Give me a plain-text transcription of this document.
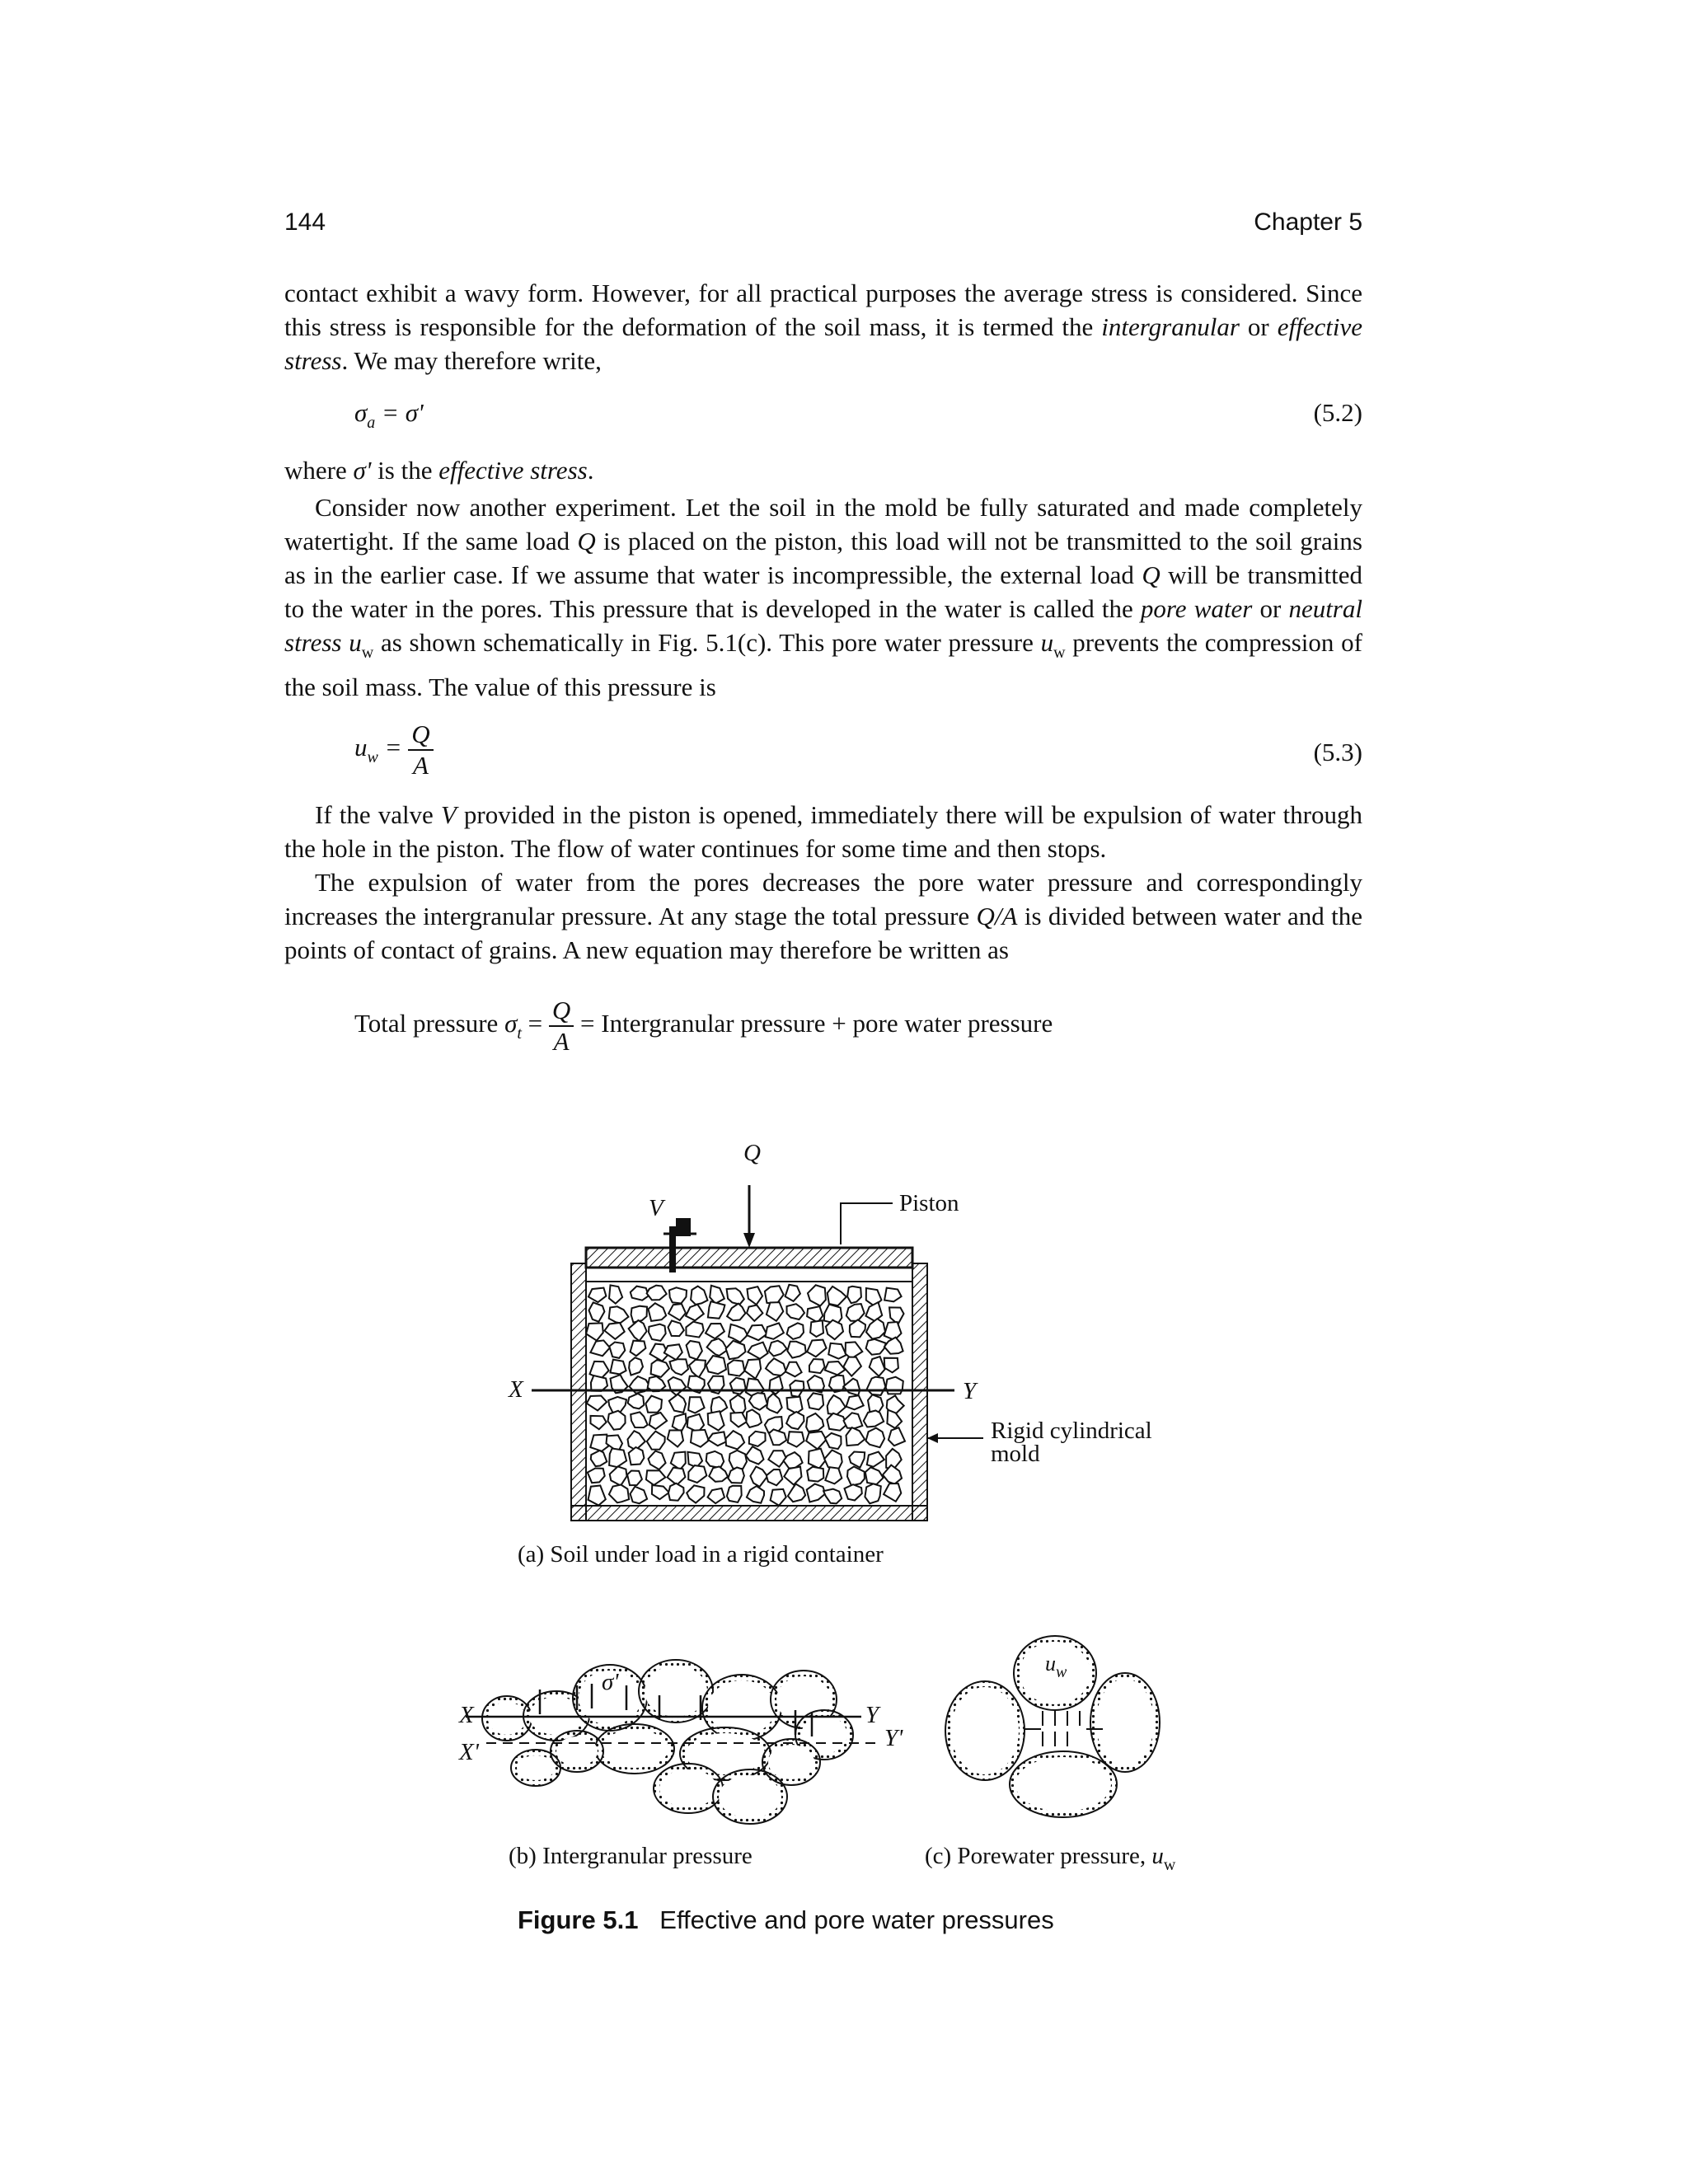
144	Chapter 5
contact exhibit a wavy form. However, for all practical purposes the average stress is considered. Since this stress is responsible for the deformation of the soil mass, it is termed the intergranular or effective stress. We may therefore write,
$\sigma_a = \sigma'$	(5.2)
where σ' is the effective stress.
Consider now another experiment. Let the soil in the mold be fully saturated and made completely watertight. If the same load Q is placed on the piston, this load will not be transmitted to the soil grains as in the earlier case. If we assume that water is incompressible, the external load Q will be transmitted to the water in the pores. This pressure that is developed in the water is called the pore water or neutral stress $u_w$ as shown schematically in Fig. 5.1(c). This pore water pressure $u_w$ prevents the compression of the soil mass. The value of this pressure is
$u_w = \frac{Q}{A}$	(5.3)
If the valve V provided in the piston is opened, immediately there will be expulsion of water through the hole in the piston. The flow of water continues for some time and then stops.
The expulsion of water from the pores decreases the pore water pressure and correspondingly increases the intergranular pressure. At any stage the total pressure Q/A is divided between water and the points of contact of grains. A new equation may therefore be written as
Total pressure $\sigma_t = \frac{Q}{A}$ = Intergranular pressure + pore water pressure
Q
V	Piston
X	Y
Rigid cylindrical
mold
(a) Soil under load in a rigid container
X
X'
Y
Y'
σ'
$u_w$
(b) Intergranular pressure	(c) Porewater pressure, $u_w$
Figure 5.1 Effective and pore water pressures
